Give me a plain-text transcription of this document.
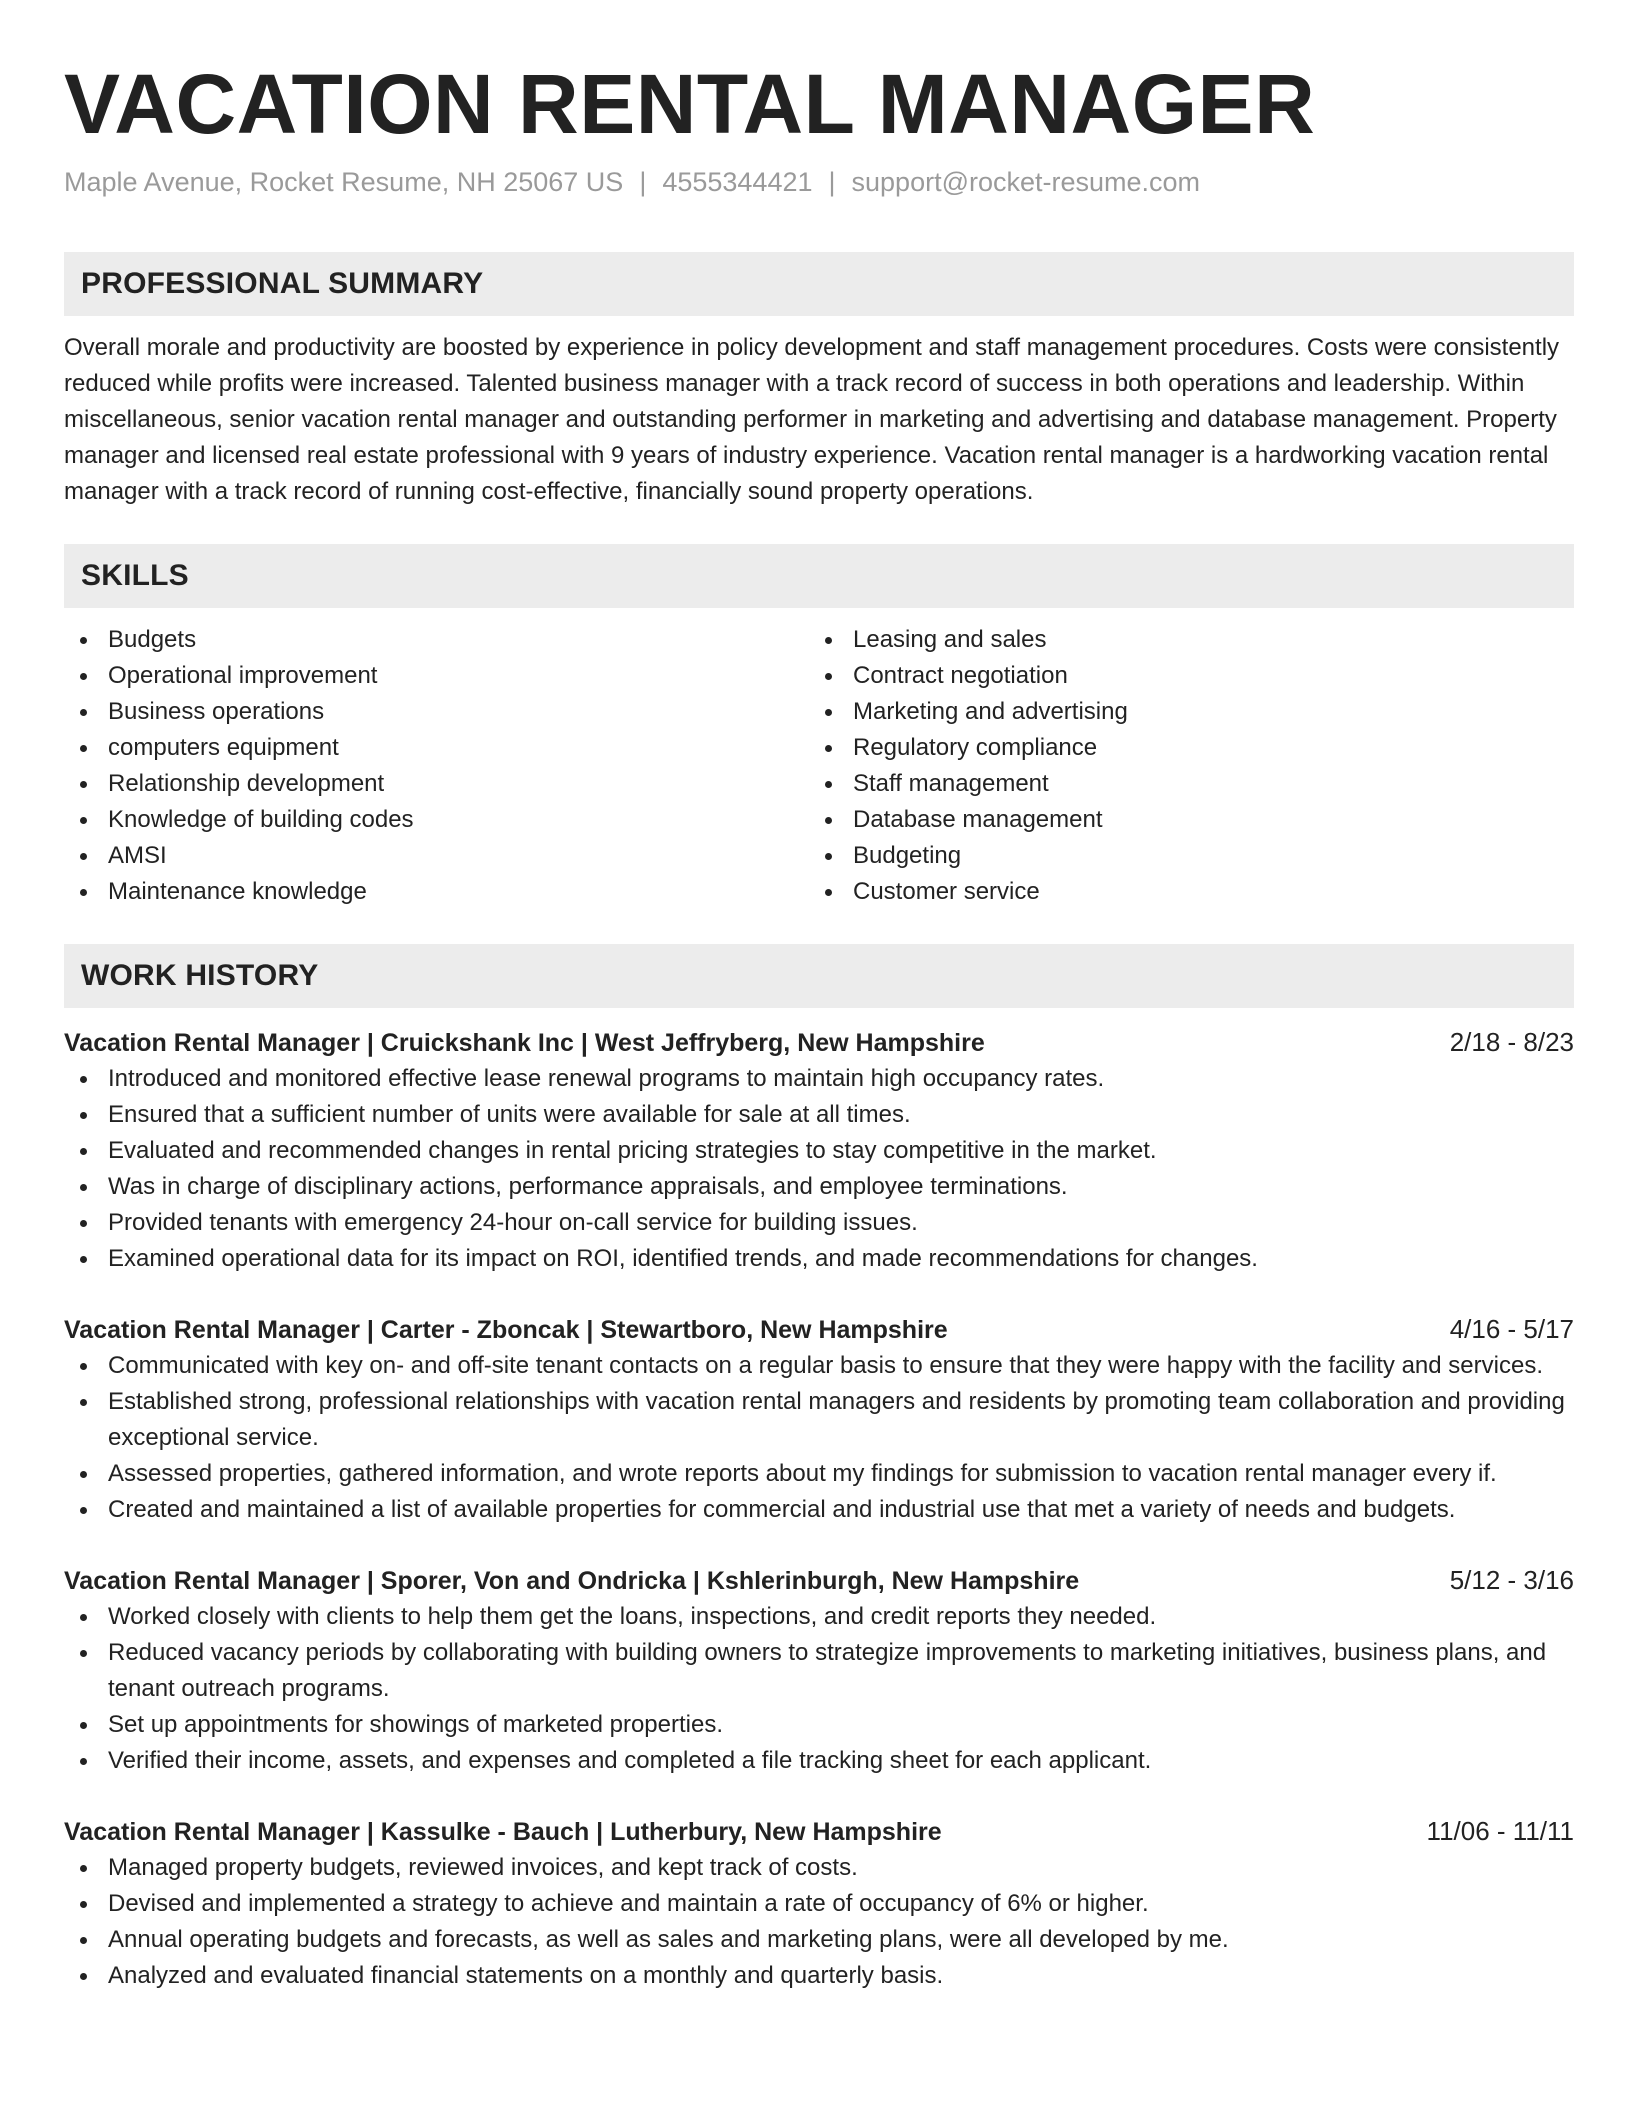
VACATION RENTAL MANAGER
Maple Avenue, Rocket Resume, NH 25067 US | 4555344421 | support@rocket-resume.com
PROFESSIONAL SUMMARY
Overall morale and productivity are boosted by experience in policy development and staff management procedures. Costs were consistently reduced while profits were increased. Talented business manager with a track record of success in both operations and leadership. Within miscellaneous, senior vacation rental manager and outstanding performer in marketing and advertising and database management. Property manager and licensed real estate professional with 9 years of industry experience. Vacation rental manager is a hardworking vacation rental manager with a track record of running cost-effective, financially sound property operations.
SKILLS
Budgets
Operational improvement
Business operations
computers equipment
Relationship development
Knowledge of building codes
AMSI
Maintenance knowledge
Leasing and sales
Contract negotiation
Marketing and advertising
Regulatory compliance
Staff management
Database management
Budgeting
Customer service
WORK HISTORY
Vacation Rental Manager | Cruickshank Inc | West Jeffryberg, New Hampshire	2/18 - 8/23
Introduced and monitored effective lease renewal programs to maintain high occupancy rates.
Ensured that a sufficient number of units were available for sale at all times.
Evaluated and recommended changes in rental pricing strategies to stay competitive in the market.
Was in charge of disciplinary actions, performance appraisals, and employee terminations.
Provided tenants with emergency 24-hour on-call service for building issues.
Examined operational data for its impact on ROI, identified trends, and made recommendations for changes.
Vacation Rental Manager | Carter - Zboncak | Stewartboro, New Hampshire	4/16 - 5/17
Communicated with key on- and off-site tenant contacts on a regular basis to ensure that they were happy with the facility and services.
Established strong, professional relationships with vacation rental managers and residents by promoting team collaboration and providing exceptional service.
Assessed properties, gathered information, and wrote reports about my findings for submission to vacation rental manager every if.
Created and maintained a list of available properties for commercial and industrial use that met a variety of needs and budgets.
Vacation Rental Manager | Sporer, Von and Ondricka | Kshlerinburgh, New Hampshire	5/12 - 3/16
Worked closely with clients to help them get the loans, inspections, and credit reports they needed.
Reduced vacancy periods by collaborating with building owners to strategize improvements to marketing initiatives, business plans, and tenant outreach programs.
Set up appointments for showings of marketed properties.
Verified their income, assets, and expenses and completed a file tracking sheet for each applicant.
Vacation Rental Manager | Kassulke - Bauch | Lutherbury, New Hampshire	11/06 - 11/11
Managed property budgets, reviewed invoices, and kept track of costs.
Devised and implemented a strategy to achieve and maintain a rate of occupancy of 6% or higher.
Annual operating budgets and forecasts, as well as sales and marketing plans, were all developed by me.
Analyzed and evaluated financial statements on a monthly and quarterly basis.
